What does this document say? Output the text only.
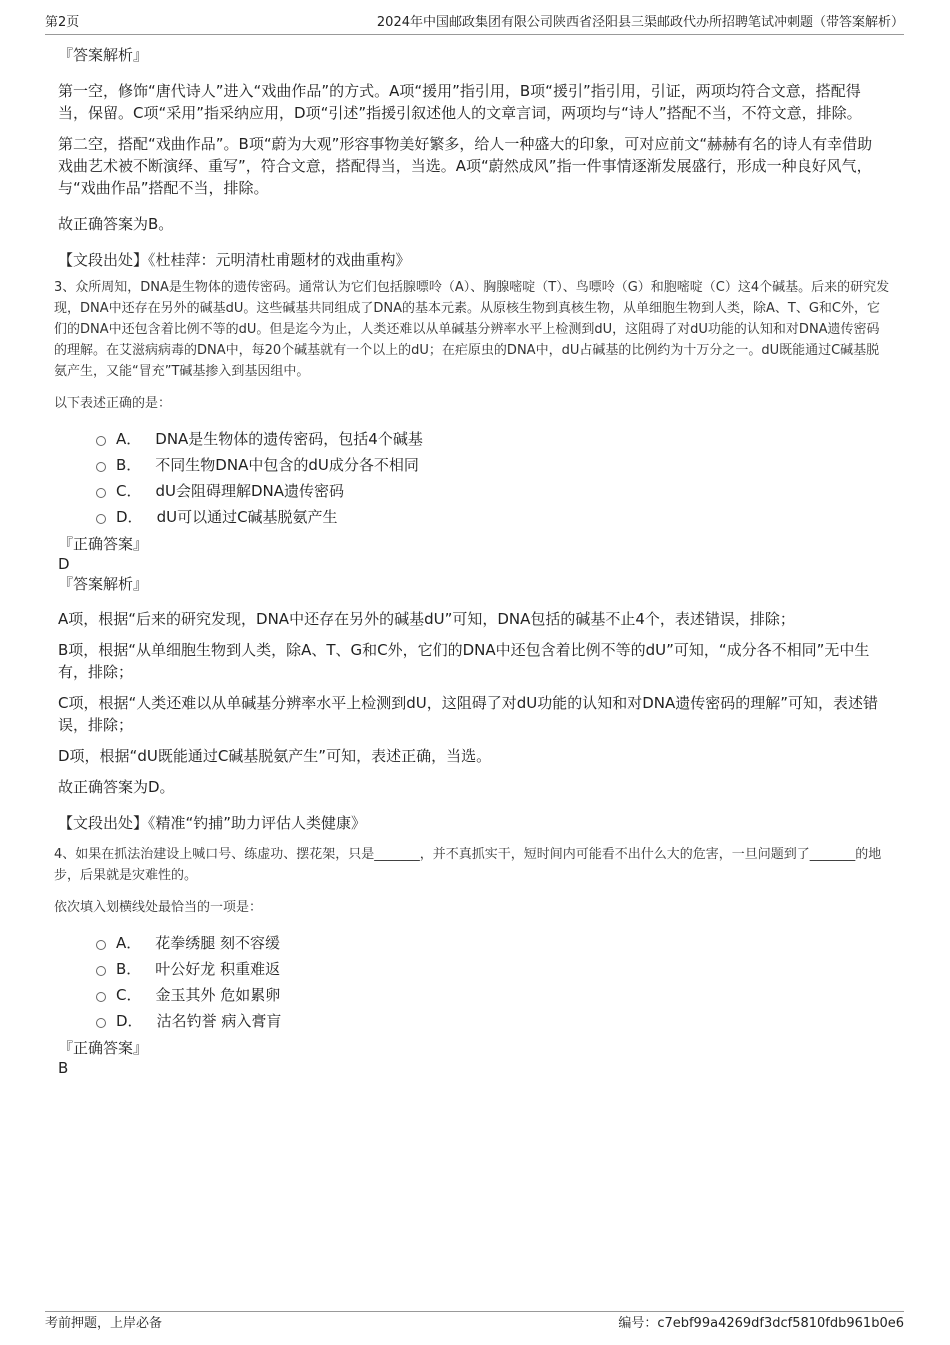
第2页	2024年中国邮政集团有限公司陕西省泾阳县三渠邮政代办所招聘笔试冲刺题（带答案解析）

『答案解析』

第一空，修饰“唐代诗人”进入“戏曲作品”的方式。A项“援用”指引用，B项“援引”指引用，引证，两项均符合文意，搭配得当，保留。C项“采用”指采纳应用，D项“引述”指援引叙述他人的文章言词，两项均与“诗人”搭配不当，不符文意，排除。

第二空，搭配“戏曲作品”。B项“蔚为大观”形容事物美好繁多，给人一种盛大的印象，可对应前文“赫赫有名的诗人有幸借助戏曲艺术被不断演绎、重写”，符合文意，搭配得当，当选。A项“蔚然成风”指一件事情逐渐发展盛行，形成一种良好风气，与“戏曲作品”搭配不当，排除。

故正确答案为B。

【文段出处】《杜桂萍：元明清杜甫题材的戏曲重构》

3、众所周知，DNA是生物体的遗传密码。通常认为它们包括腺嘌呤（A）、胸腺嘧啶（T）、鸟嘌呤（G）和胞嘧啶（C）这4个碱基。后来的研究发现，DNA中还存在另外的碱基dU。这些碱基共同组成了DNA的基本元素。从原核生物到真核生物，从单细胞生物到人类，除A、T、G和C外，它们的DNA中还包含着比例不等的dU。但是迄今为止，人类还难以从单碱基分辨率水平上检测到dU，这阻碍了对dU功能的认知和对DNA遗传密码的理解。在艾滋病病毒的DNA中，每20个碱基就有一个以上的dU；在疟原虫的DNA中，dU占碱基的比例约为十万分之一。dU既能通过C碱基脱氨产生，又能“冒充”T碱基掺入到基因组中。

以下表述正确的是：

A． DNA是生物体的遗传密码，包括4个碱基
B． 不同生物DNA中包含的dU成分各不相同
C． dU会阻碍理解DNA遗传密码
D． dU可以通过C碱基脱氨产生

『正确答案』

D

『答案解析』

A项，根据“后来的研究发现，DNA中还存在另外的碱基dU”可知，DNA包括的碱基不止4个，表述错误，排除；

B项，根据“从单细胞生物到人类，除A、T、G和C外，它们的DNA中还包含着比例不等的dU”可知，“成分各不相同”无中生有，排除；

C项，根据“人类还难以从单碱基分辨率水平上检测到dU，这阻碍了对dU功能的认知和对DNA遗传密码的理解”可知，表述错误，排除；

D项，根据“dU既能通过C碱基脱氨产生”可知，表述正确，当选。

故正确答案为D。

【文段出处】《精准“钓捕”助力评估人类健康》

4、如果在抓法治建设上喊口号、练虚功、摆花架，只是_______，并不真抓实干，短时间内可能看不出什么大的危害，一旦问题到了_______的地步，后果就是灾难性的。

依次填入划横线处最恰当的一项是：

A． 花拳绣腿 刻不容缓
B． 叶公好龙 积重难返
C． 金玉其外 危如累卵
D． 沽名钓誉 病入膏肓

『正确答案』

B

考前押题，上岸必备	编号：c7ebf99a4269df3dcf5810fdb961b0e6
